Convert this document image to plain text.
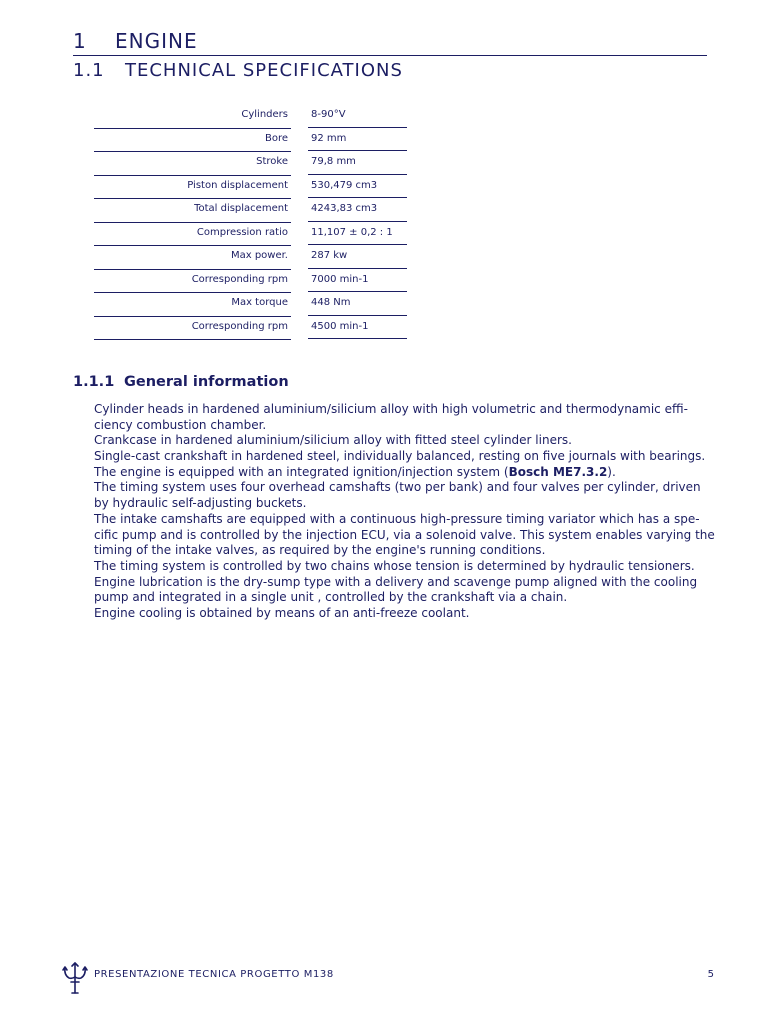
1 ENGINE
1.1 TECHNICAL SPECIFICATIONS
Cylinders	8-90°V
Bore	92 mm
Stroke	79,8 mm
Piston displacement	530,479 cm3
Total displacement	4243,83 cm3
Compression ratio	11,107 ± 0,2 : 1
Max power.	287 kw
Corresponding rpm	7000 min-1
Max torque	448 Nm
Corresponding rpm	4500 min-1
1.1.1 General information
Cylinder heads in hardened aluminium/silicium alloy with high volumetric and thermodynamic effi-
ciency combustion chamber.
Crankcase in hardened aluminium/silicium alloy with fitted steel cylinder liners.
Single-cast crankshaft in hardened steel, individually balanced, resting on five journals with bearings.
The engine is equipped with an integrated ignition/injection system (Bosch ME7.3.2).
The timing system uses four overhead camshafts (two per bank) and four valves per cylinder, driven
by hydraulic self-adjusting buckets.
The intake camshafts are equipped with a continuous high-pressure timing variator which has a spe-
cific pump and is controlled by the injection ECU, via a solenoid valve. This system enables varying the
timing of the intake valves, as required by the engine's running conditions.
The timing system is controlled by two chains whose tension is determined by hydraulic tensioners.
Engine lubrication is the dry-sump type with a delivery and scavenge pump aligned with the cooling
pump and integrated in a single unit , controlled by the crankshaft via a chain.
Engine cooling is obtained by means of an anti-freeze coolant.
PRESENTAZIONE TECNICA PROGETTO M138	5
